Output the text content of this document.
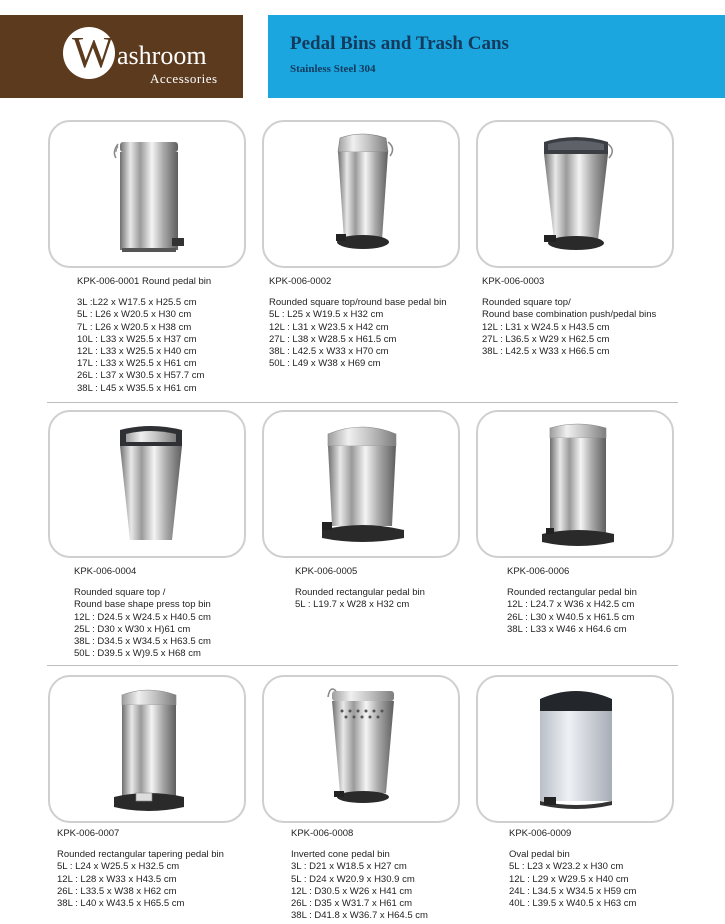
W ashroom
Accessories
Pedal Bins and Trash Cans
Stainless Steel 304
KPK-006-0001 Round pedal bin
3L :L22 x W17.5 x H25.5 cm
5L : L26 x W20.5 x H30 cm
7L : L26 x W20.5 x H38 cm
10L : L33 x W25.5 x H37 cm
12L : L33 x W25.5 x H40 cm
17L : L33 x W25.5 x H61 cm
26L : L37 x W30.5 x H57.7 cm
38L : L45 x W35.5 x H61 cm
KPK-006-0002
Rounded square top/round base pedal bin
5L : L25 x W19.5 x H32 cm
12L : L31 x W23.5 x H42 cm
27L : L38 x W28.5 x H61.5 cm
38L : L42.5 x W33 x H70 cm
50L : L49 x W38 x H69 cm
KPK-006-0003
Rounded square top/
Round base combination push/pedal bins
12L : L31 x W24.5 x H43.5 cm
27L : L36.5 x W29 x H62.5 cm
38L : L42.5 x W33 x H66.5 cm
KPK-006-0004
Rounded square top /
Round base shape press top bin
12L : D24.5 x W24.5 x H40.5 cm
25L : D30 x W30 x H)61 cm
38L : D34.5 x W34.5 x H63.5 cm
50L : D39.5 x W)9.5 x H68 cm
KPK-006-0005
Rounded rectangular pedal bin
5L : L19.7 x W28 x H32 cm
KPK-006-0006
Rounded rectangular pedal bin
12L : L24.7 x W36 x H42.5 cm
26L : L30 x W40.5 x H61.5 cm
38L : L33 x W46 x H64.6 cm
KPK-006-0007
Rounded rectangular tapering pedal bin
5L : L24 x W25.5 x H32.5 cm
12L : L28 x W33 x H43.5 cm
26L : L33.5 x W38 x H62 cm
38L : L40 x W43.5 x H65.5 cm
KPK-006-0008
Inverted cone pedal bin
3L : D21 x W18.5 x H27 cm
5L : D24 x W20.9 x H30.9 cm
12L : D30.5 x W26 x H41 cm
26L : D35 x W31.7 x H61 cm
38L : D41.8 x W36.7 x H64.5 cm
KPK-006-0009
Oval pedal bin
5L : L23 x W23.2 x H30 cm
12L : L29 x W29.5 x H40 cm
24L : L34.5 x W34.5 x H59 cm
40L : L39.5 x W40.5 x H63 cm
